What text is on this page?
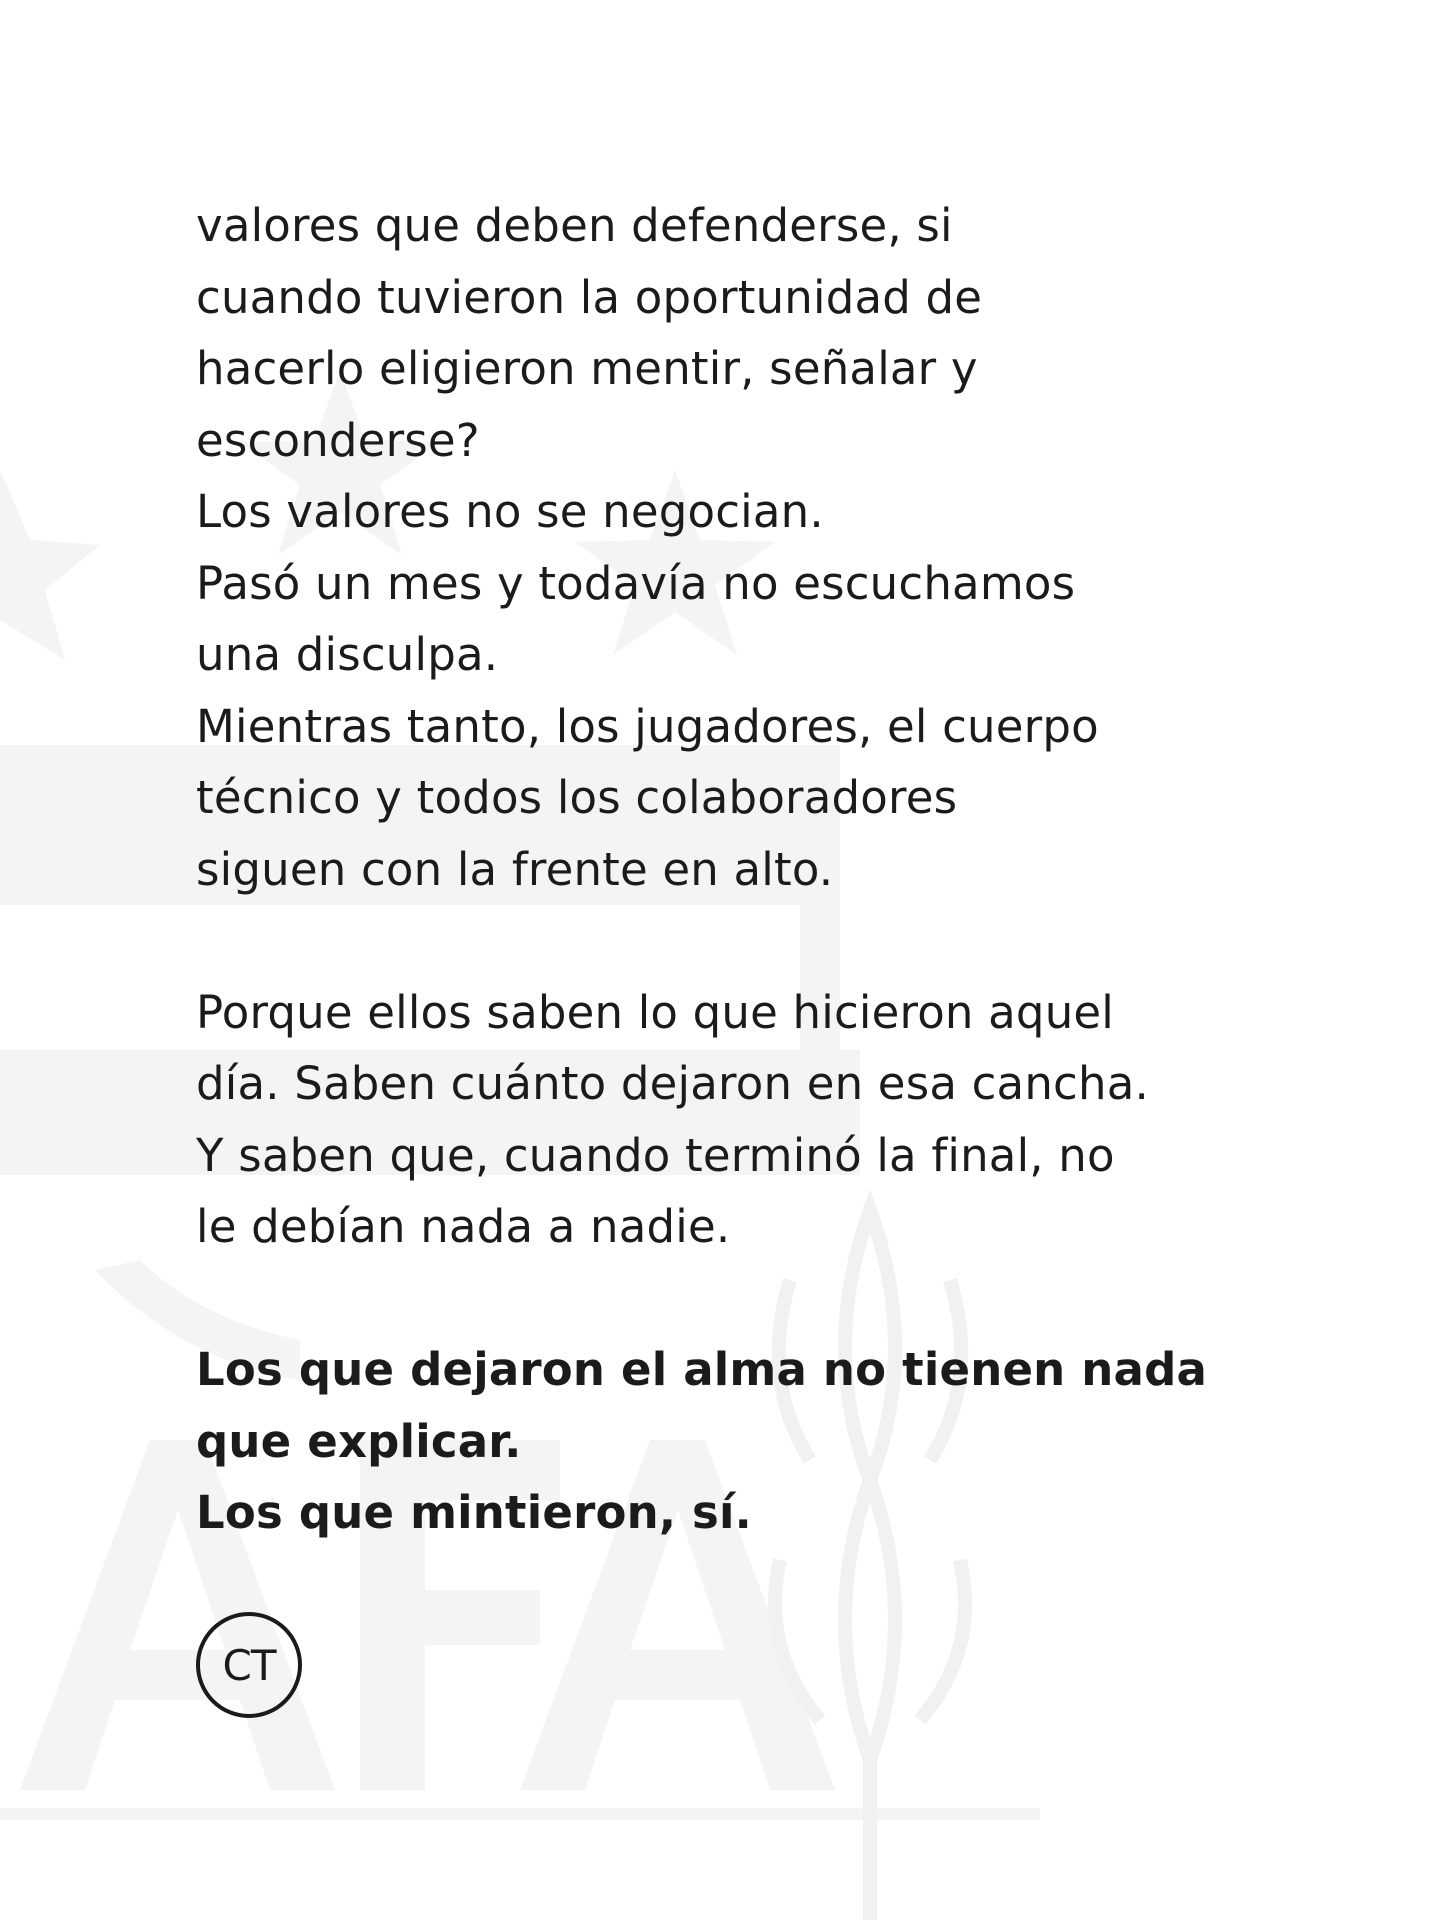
valores que deben defenderse, si
cuando tuvieron la oportunidad de
hacerlo eligieron mentir, señalar y
esconderse?
Los valores no se negocian.
Pasó un mes y todavía no escuchamos
una disculpa.
Mientras tanto, los jugadores, el cuerpo
técnico y todos los colaboradores
siguen con la frente en alto.

Porque ellos saben lo que hicieron aquel
día. Saben cuánto dejaron en esa cancha.
Y saben que, cuando terminó la final, no
le debían nada a nadie.

Los que dejaron el alma no tienen nada
que explicar.
Los que mintieron, sí.

CT
